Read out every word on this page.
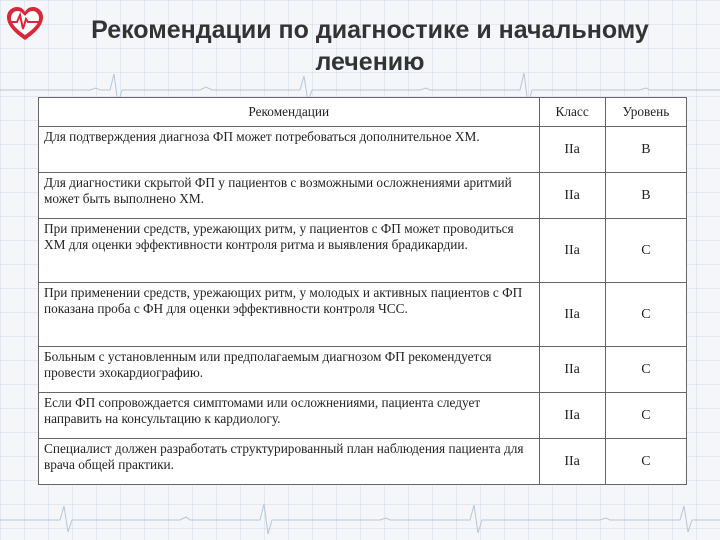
Рекомендации по диагностике и начальному
лечению
Рекомендации	Класс	Уровень
Для подтверждения диагноза ФП может потребоваться дополнительное ХМ.	IIa	B
Для диагностики скрытой ФП у пациентов с возможными осложнениями аритмий может быть выполнено ХМ.	IIa	B
При применении средств, урежающих ритм, у пациентов с ФП может проводиться ХМ для оценки эффективности контроля ритма и выявления брадикардии.	IIa	C
При применении средств, урежающих ритм, у молодых и активных пациентов с ФП показана проба с ФН для оценки эффективности контроля ЧСС.	IIa	C
Больным с установленным или предполагаемым диагнозом ФП рекомендуется провести эхокардиографию.	IIa	C
Если ФП сопровождается симптомами или осложнениями, пациента следует направить на консультацию к кардиологу.	IIa	C
Специалист должен разработать структурированный план наблюдения пациента для врача общей практики.	IIa	C
